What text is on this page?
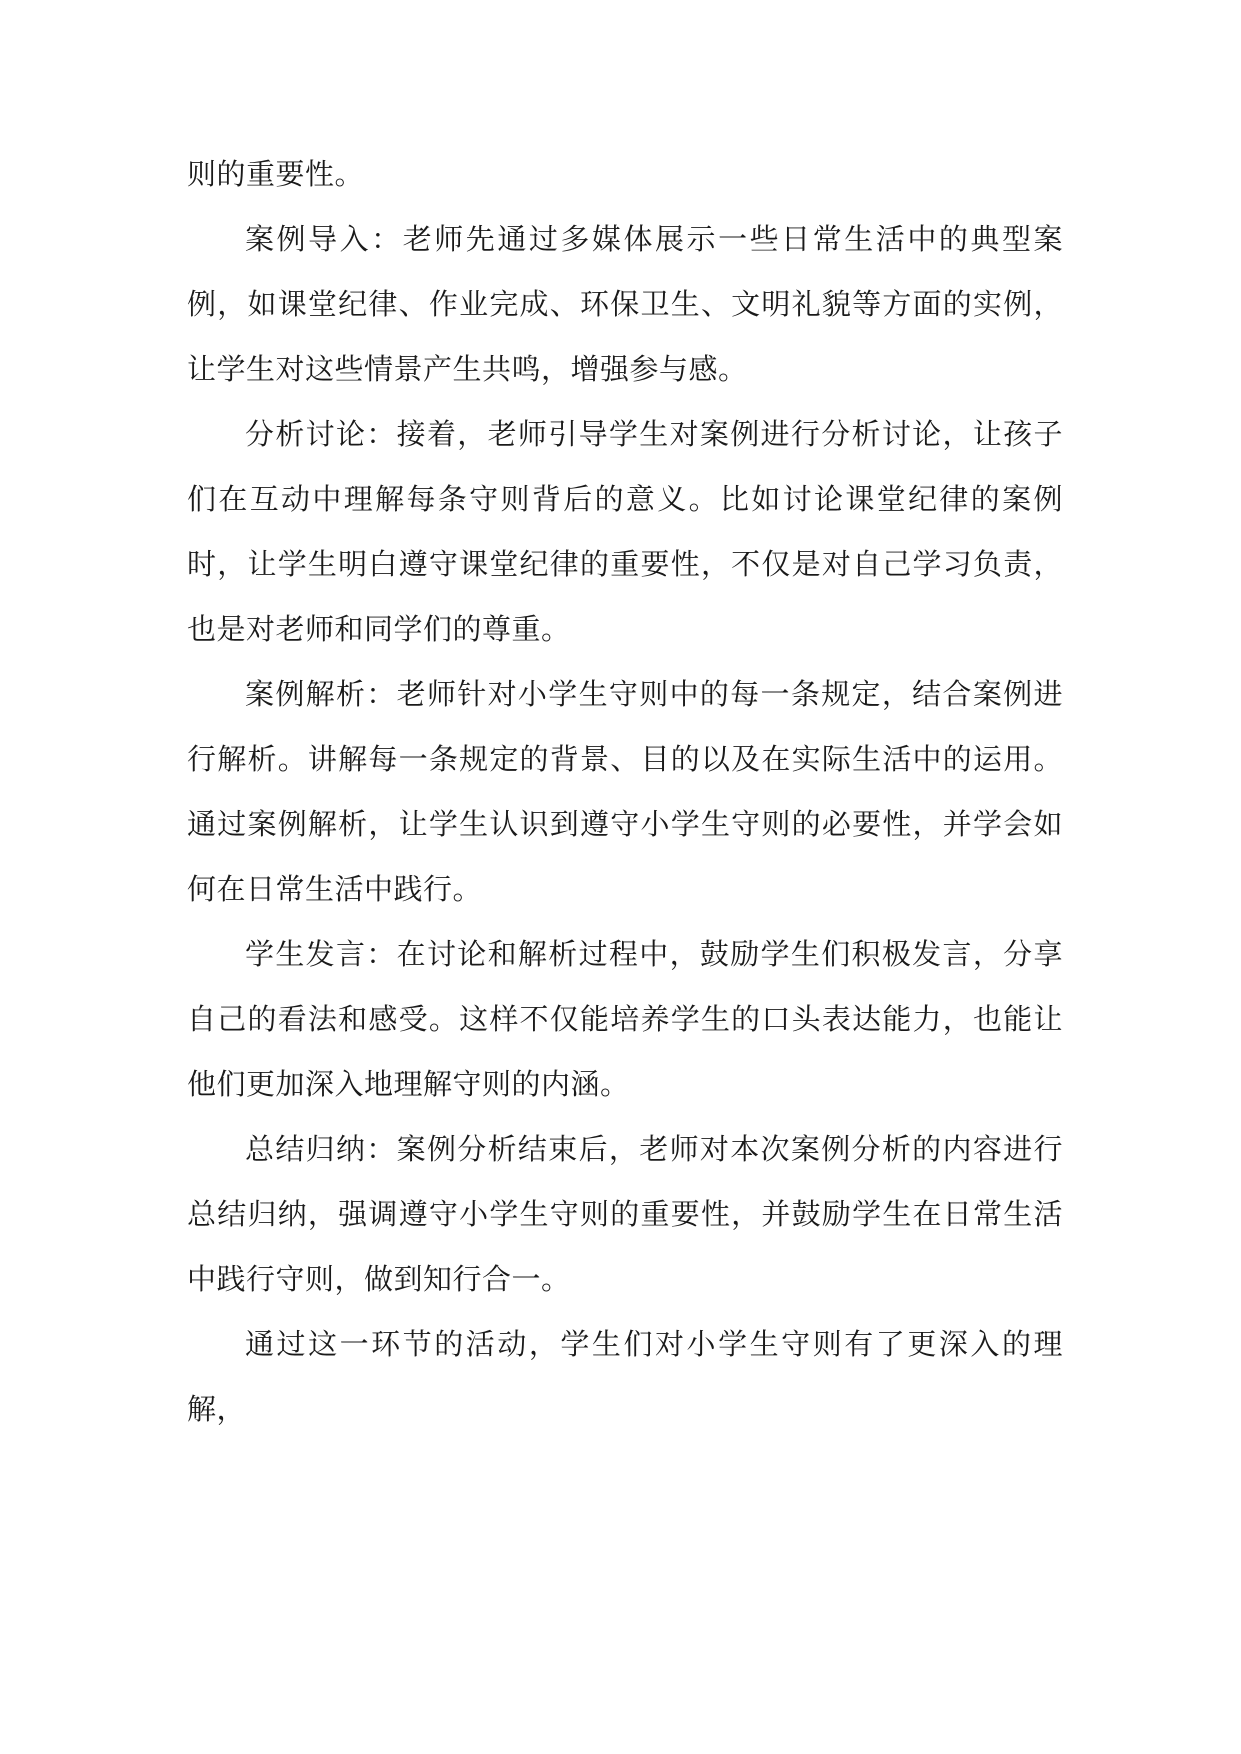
则的重要性。

案例导入：老师先通过多媒体展示一些日常生活中的典型案例，如课堂纪律、作业完成、环保卫生、文明礼貌等方面的实例，让学生对这些情景产生共鸣，增强参与感。

分析讨论：接着，老师引导学生对案例进行分析讨论，让孩子们在互动中理解每条守则背后的意义。比如讨论课堂纪律的案例时，让学生明白遵守课堂纪律的重要性，不仅是对自己学习负责，也是对老师和同学们的尊重。

案例解析：老师针对小学生守则中的每一条规定，结合案例进行解析。讲解每一条规定的背景、目的以及在实际生活中的运用。通过案例解析，让学生认识到遵守小学生守则的必要性，并学会如何在日常生活中践行。

学生发言：在讨论和解析过程中，鼓励学生们积极发言，分享自己的看法和感受。这样不仅能培养学生的口头表达能力，也能让他们更加深入地理解守则的内涵。

总结归纳：案例分析结束后，老师对本次案例分析的内容进行总结归纳，强调遵守小学生守则的重要性，并鼓励学生在日常生活中践行守则，做到知行合一。

通过这一环节的活动，学生们对小学生守则有了更深入的理解，
